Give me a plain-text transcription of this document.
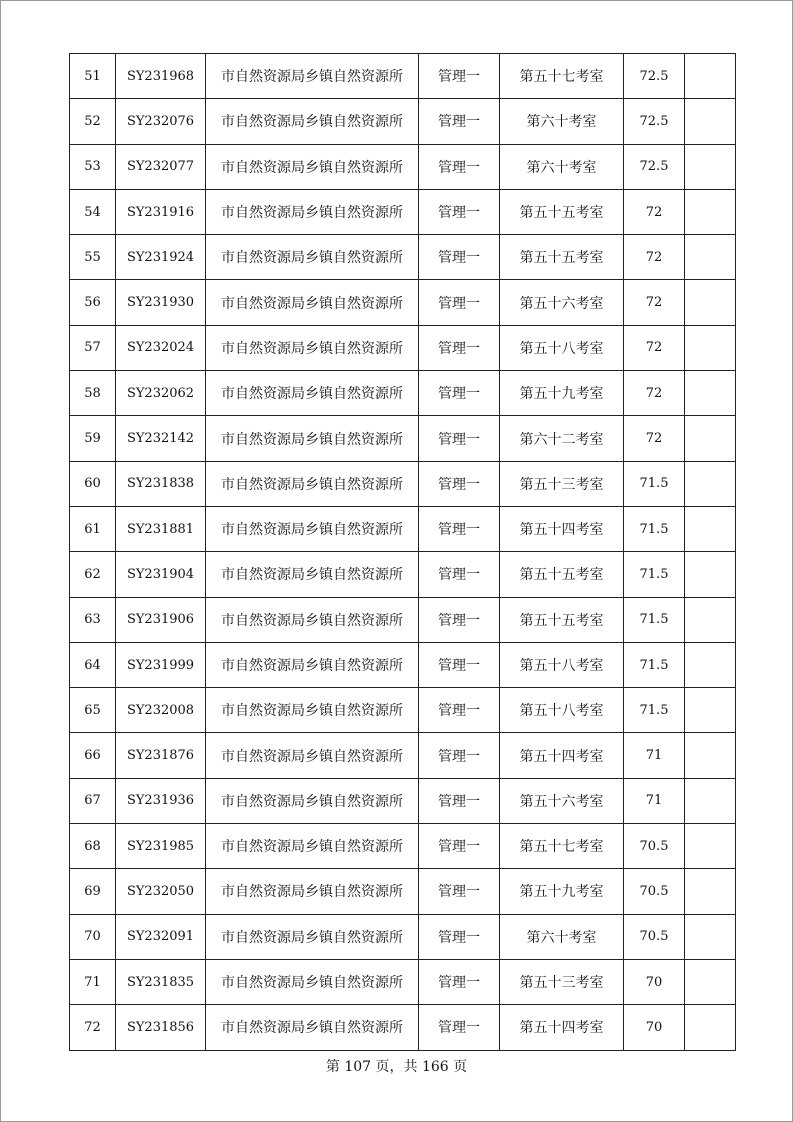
51	SY231968	市自然资源局乡镇自然资源所	管理一	第五十七考室	72.5	
52	SY232076	市自然资源局乡镇自然资源所	管理一	第六十考室	72.5	
53	SY232077	市自然资源局乡镇自然资源所	管理一	第六十考室	72.5	
54	SY231916	市自然资源局乡镇自然资源所	管理一	第五十五考室	72	
55	SY231924	市自然资源局乡镇自然资源所	管理一	第五十五考室	72	
56	SY231930	市自然资源局乡镇自然资源所	管理一	第五十六考室	72	
57	SY232024	市自然资源局乡镇自然资源所	管理一	第五十八考室	72	
58	SY232062	市自然资源局乡镇自然资源所	管理一	第五十九考室	72	
59	SY232142	市自然资源局乡镇自然资源所	管理一	第六十二考室	72	
60	SY231838	市自然资源局乡镇自然资源所	管理一	第五十三考室	71.5	
61	SY231881	市自然资源局乡镇自然资源所	管理一	第五十四考室	71.5	
62	SY231904	市自然资源局乡镇自然资源所	管理一	第五十五考室	71.5	
63	SY231906	市自然资源局乡镇自然资源所	管理一	第五十五考室	71.5	
64	SY231999	市自然资源局乡镇自然资源所	管理一	第五十八考室	71.5	
65	SY232008	市自然资源局乡镇自然资源所	管理一	第五十八考室	71.5	
66	SY231876	市自然资源局乡镇自然资源所	管理一	第五十四考室	71	
67	SY231936	市自然资源局乡镇自然资源所	管理一	第五十六考室	71	
68	SY231985	市自然资源局乡镇自然资源所	管理一	第五十七考室	70.5	
69	SY232050	市自然资源局乡镇自然资源所	管理一	第五十九考室	70.5	
70	SY232091	市自然资源局乡镇自然资源所	管理一	第六十考室	70.5	
71	SY231835	市自然资源局乡镇自然资源所	管理一	第五十三考室	70	
72	SY231856	市自然资源局乡镇自然资源所	管理一	第五十四考室	70	
第 107 页，共 166 页
